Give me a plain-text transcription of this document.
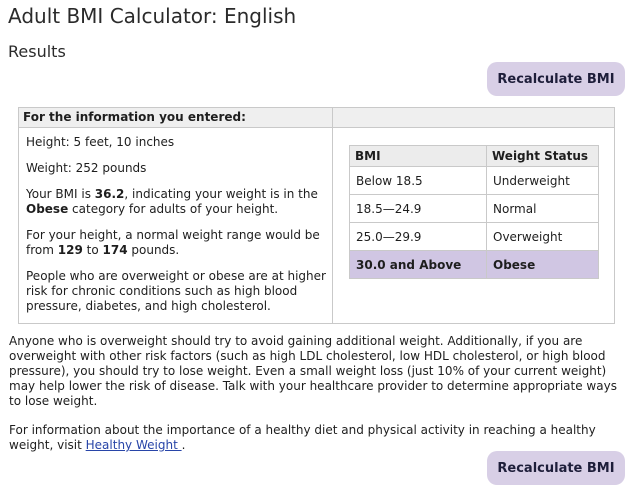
Adult BMI Calculator: English
Results
Recalculate BMI
For the information you entered:

Height: 5 feet, 10 inches

Weight: 252 pounds

Your BMI is 36.2, indicating your weight is in the Obese category for adults of your height.

For your height, a normal weight range would be from 129 to 174 pounds.

People who are overweight or obese are at higher risk for chronic conditions such as high blood pressure, diabetes, and high cholesterol.

BMI	Weight Status
Below 18.5	Underweight
18.5—24.9	Normal
25.0—29.9	Overweight
30.0 and Above	Obese

Anyone who is overweight should try to avoid gaining additional weight. Additionally, if you are overweight with other risk factors (such as high LDL cholesterol, low HDL cholesterol, or high blood pressure), you should try to lose weight. Even a small weight loss (just 10% of your current weight) may help lower the risk of disease. Talk with your healthcare provider to determine appropriate ways to lose weight.

For information about the importance of a healthy diet and physical activity in reaching a healthy weight, visit Healthy Weight .

Recalculate BMI
